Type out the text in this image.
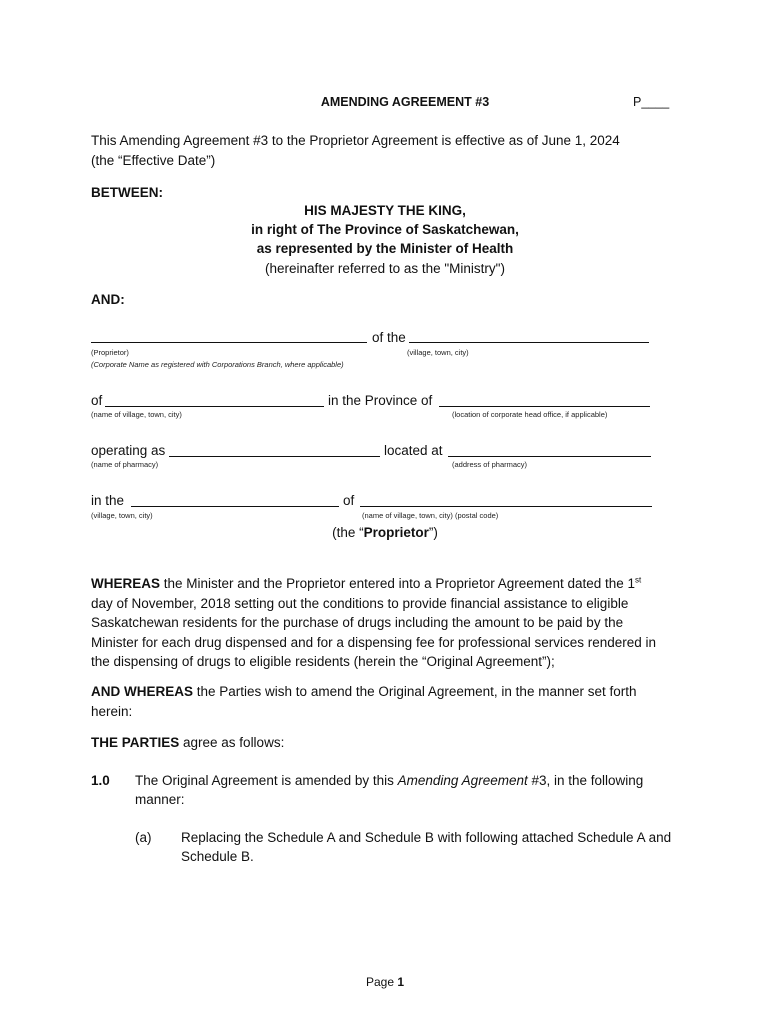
AMENDING AGREEMENT #3	P____
This Amending Agreement #3 to the Proprietor Agreement is effective as of June 1, 2024
(the “Effective Date”)
BETWEEN:
HIS MAJESTY THE KING,
in right of The Province of Saskatchewan,
as represented by the Minister of Health
(hereinafter referred to as the "Ministry")
AND:
of the
(Proprietor)	(village, town, city)
(Corporate Name as registered with Corporations Branch, where applicable)
of	in the Province of
(name of village, town, city)	(location of corporate head office, if applicable)
operating as	located at
(name of pharmacy)	(address of pharmacy)
in the	of
(village, town, city)	(name of village, town, city) (postal code)
(the “Proprietor”)
WHEREAS the Minister and the Proprietor entered into a Proprietor Agreement dated the 1st
day of November, 2018 setting out the conditions to provide financial assistance to eligible
Saskatchewan residents for the purchase of drugs including the amount to be paid by the
Minister for each drug dispensed and for a dispensing fee for professional services rendered in
the dispensing of drugs to eligible residents (herein the “Original Agreement”);
AND WHEREAS the Parties wish to amend the Original Agreement, in the manner set forth
herein:
THE PARTIES agree as follows:
1.0 The Original Agreement is amended by this Amending Agreement #3, in the following
manner:
(a) Replacing the Schedule A and Schedule B with following attached Schedule A and
Schedule B.
Page 1
